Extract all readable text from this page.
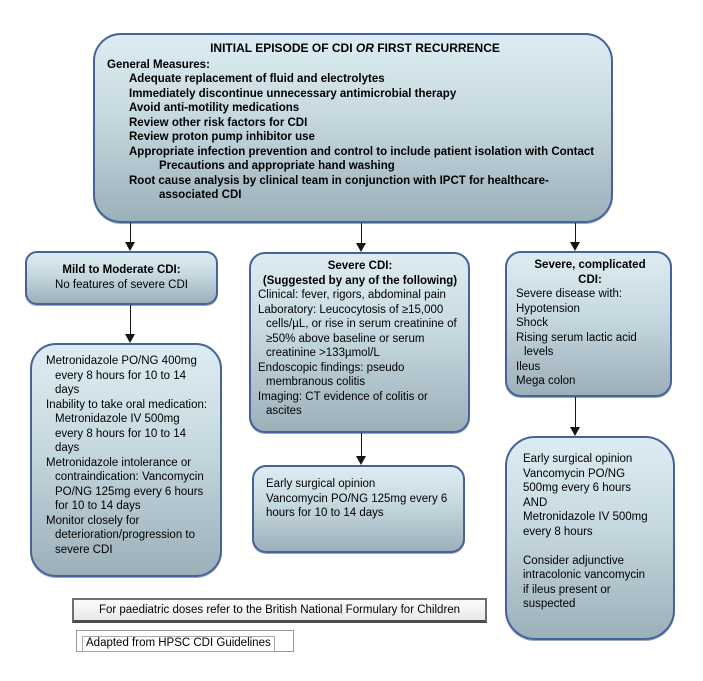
INITIAL EPISODE OF CDI OR FIRST RECURRENCE
General Measures:
Adequate replacement of fluid and electrolytes
Immediately discontinue unnecessary antimicrobial therapy
Avoid anti-motility medications
Review other risk factors for CDI
Review proton pump inhibitor use
Appropriate infection prevention and control to include patient isolation with Contact Precautions and appropriate hand washing
Root cause analysis by clinical team in conjunction with IPCT for healthcare-associated CDI
Mild to Moderate CDI:
No features of severe CDI
Severe CDI:
(Suggested by any of the following)
Clinical: fever, rigors, abdominal pain
Laboratory: Leucocytosis of ≥15,000 cells/µL, or rise in serum creatinine of ≥50% above baseline or serum creatinine >133µmol/L
Endoscopic findings: pseudo membranous colitis
Imaging: CT evidence of colitis or ascites
Severe, complicated
CDI:
Severe disease with:
Hypotension
Shock
Rising serum lactic acid levels
Ileus
Mega colon
Metronidazole PO/NG 400mg every 8 hours for 10 to 14 days
Inability to take oral medication: Metronidazole IV 500mg every 8 hours for 10 to 14 days
Metronidazole intolerance or contraindication: Vancomycin PO/NG 125mg every 6 hours for 10 to 14 days
Monitor closely for deterioration/progression to severe CDI
Early surgical opinion
Vancomycin PO/NG 125mg every 6 hours for 10 to 14 days
Early surgical opinion
Vancomycin PO/NG
500mg every 6 hours
AND
Metronidazole IV 500mg
every 8 hours
Consider adjunctive
intracolonic vancomycin
if ileus present or
suspected
For paediatric doses refer to the British National Formulary for Children
Adapted from HPSC CDI Guidelines
